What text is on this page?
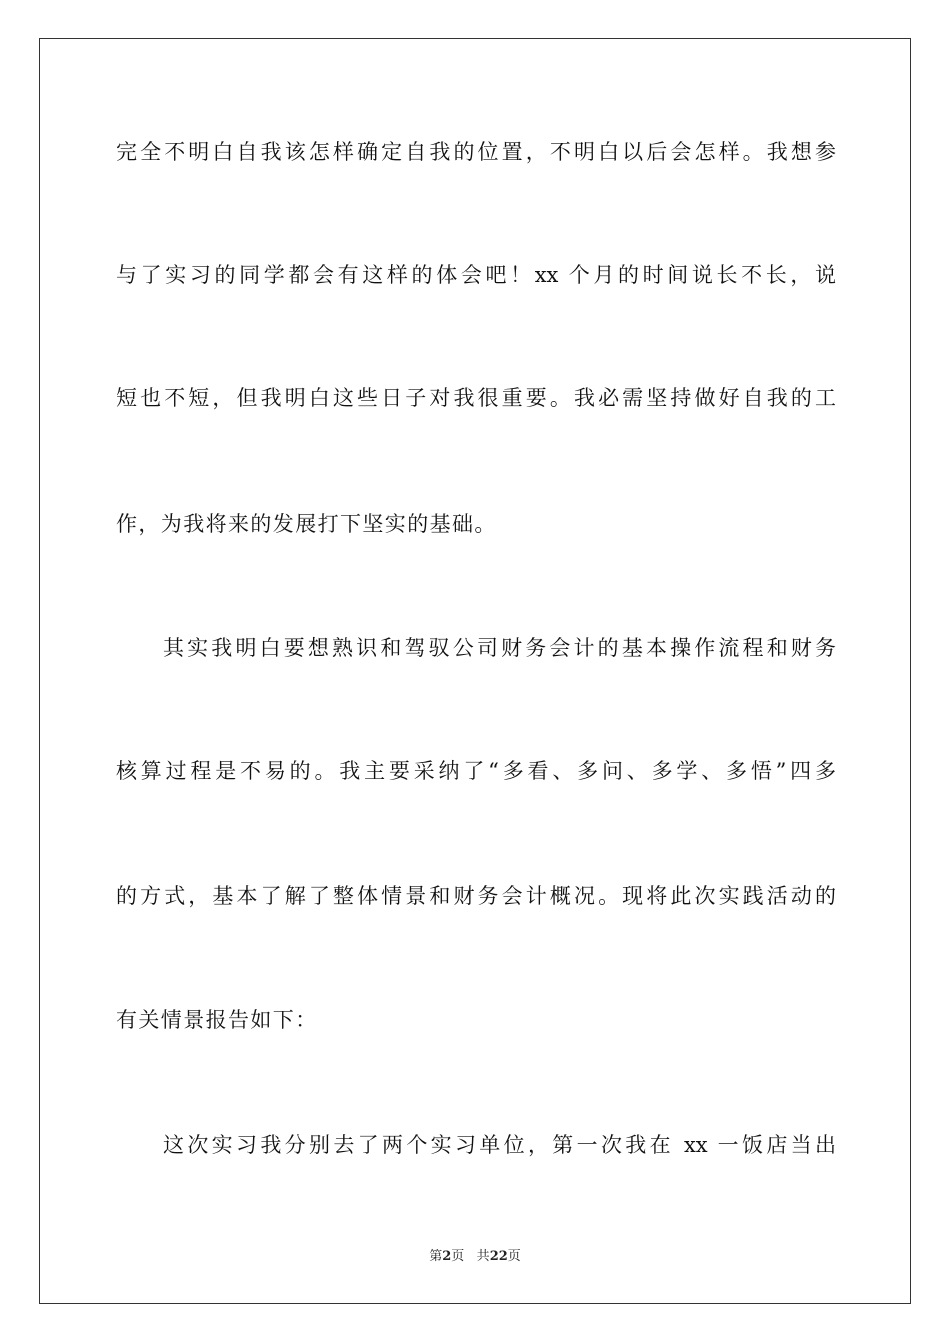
完全不明白自我该怎样确定自我的位置，不明白以后会怎样。我想参
与了实习的同学都会有这样的体会吧！xx 个月的时间说长不长，说
短也不短，但我明白这些日子对我很重要。我必需坚持做好自我的工
作，为我将来的发展打下坚实的基础。
其实我明白要想熟识和驾驭公司财务会计的基本操作流程和财务
核算过程是不易的。我主要采纳了“多看、多问、多学、多悟”四多
的方式，基本了解了整体情景和财务会计概况。现将此次实践活动的
有关情景报告如下：
这次实习我分别去了两个实习单位，第一次我在 xx 一饭店当出
第2页 共22页
